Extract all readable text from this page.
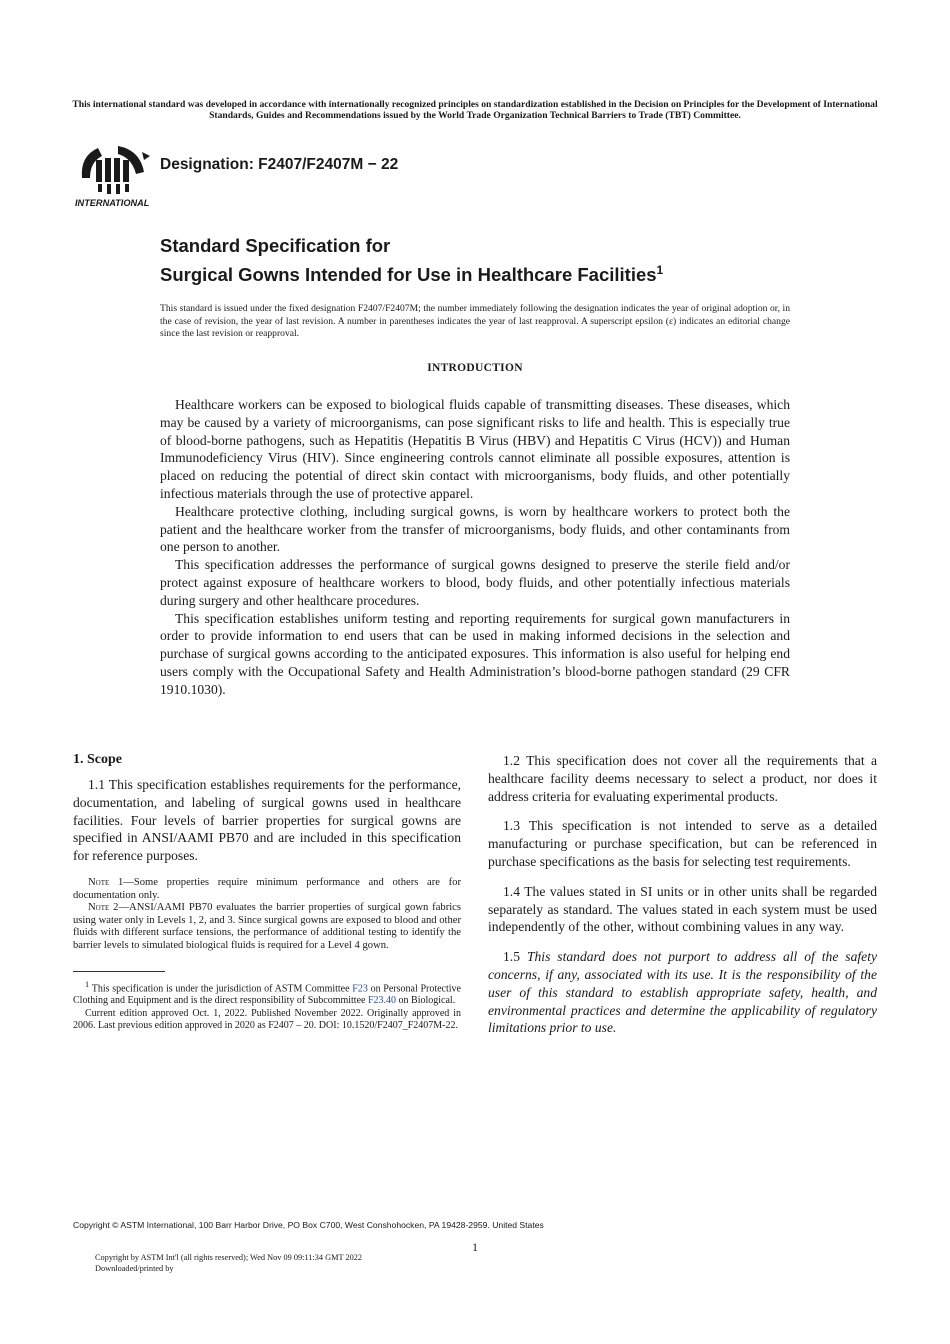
This international standard was developed in accordance with internationally recognized principles on standardization established in the Decision on Principles for the Development of International Standards, Guides and Recommendations issued by the World Trade Organization Technical Barriers to Trade (TBT) Committee.
INTERNATIONAL
Designation: F2407/F2407M − 22
Standard Specification for
Surgical Gowns Intended for Use in Healthcare Facilities$^1$
This standard is issued under the fixed designation F2407/F2407M; the number immediately following the designation indicates the year of original adoption or, in the case of revision, the year of last revision. A number in parentheses indicates the year of last reapproval. A superscript epsilon (ε) indicates an editorial change since the last revision or reapproval.
INTRODUCTION

Healthcare workers can be exposed to biological fluids capable of transmitting diseases. These diseases, which may be caused by a variety of microorganisms, can pose significant risks to life and health. This is especially true of blood-borne pathogens, such as Hepatitis (Hepatitis B Virus (HBV) and Hepatitis C Virus (HCV)) and Human Immunodeficiency Virus (HIV). Since engineering controls cannot eliminate all possible exposures, attention is placed on reducing the potential of direct skin contact with microorganisms, body fluids, and other potentially infectious materials through the use of protective apparel.

Healthcare protective clothing, including surgical gowns, is worn by healthcare workers to protect both the patient and the healthcare worker from the transfer of microorganisms, body fluids, and other contaminants from one person to another.

This specification addresses the performance of surgical gowns designed to preserve the sterile field and/or protect against exposure of healthcare workers to blood, body fluids, and other potentially infectious materials during surgery and other healthcare procedures.

This specification establishes uniform testing and reporting requirements for surgical gown manufacturers in order to provide information to end users that can be used in making informed decisions in the selection and purchase of surgical gowns according to the anticipated exposures. This information is also useful for helping end users comply with the Occupational Safety and Health Administration’s blood-borne pathogen standard (29 CFR 1910.1030).

1. Scope

1.1 This specification establishes requirements for the performance, documentation, and labeling of surgical gowns used in healthcare facilities. Four levels of barrier properties for surgical gowns are specified in ANSI/AAMI PB70 and are included in this specification for reference purposes.

Note 1—Some properties require minimum performance and others are for documentation only.

Note 2—ANSI/AAMI PB70 evaluates the barrier properties of surgical gown fabrics using water only in Levels 1, 2, and 3. Since surgical gowns are exposed to blood and other fluids with different surface tensions, the performance of additional testing to identify the barrier levels to simulated biological fluids is required for a Level 4 gown.

$^1$ This specification is under the jurisdiction of ASTM Committee F23 on Personal Protective Clothing and Equipment and is the direct responsibility of Subcommittee F23.40 on Biological.

Current edition approved Oct. 1, 2022. Published November 2022. Originally approved in 2006. Last previous edition approved in 2020 as F2407 – 20. DOI: 10.1520/F2407_F2407M-22.

1.2 This specification does not cover all the requirements that a healthcare facility deems necessary to select a product, nor does it address criteria for evaluating experimental products.

1.3 This specification is not intended to serve as a detailed manufacturing or purchase specification, but can be referenced in purchase specifications as the basis for selecting test requirements.

1.4 The values stated in SI units or in other units shall be regarded separately as standard. The values stated in each system must be used independently of the other, without combining values in any way.

1.5 This standard does not purport to address all of the safety concerns, if any, associated with its use. It is the responsibility of the user of this standard to establish appropriate safety, health, and environmental practices and determine the applicability of regulatory limitations prior to use.

Copyright © ASTM International, 100 Barr Harbor Drive, PO Box C700, West Conshohocken, PA 19428-2959. United States
1
Copyright by ASTM Int'l (all rights reserved); Wed Nov 09 09:11:34 GMT 2022
Downloaded/printed by
